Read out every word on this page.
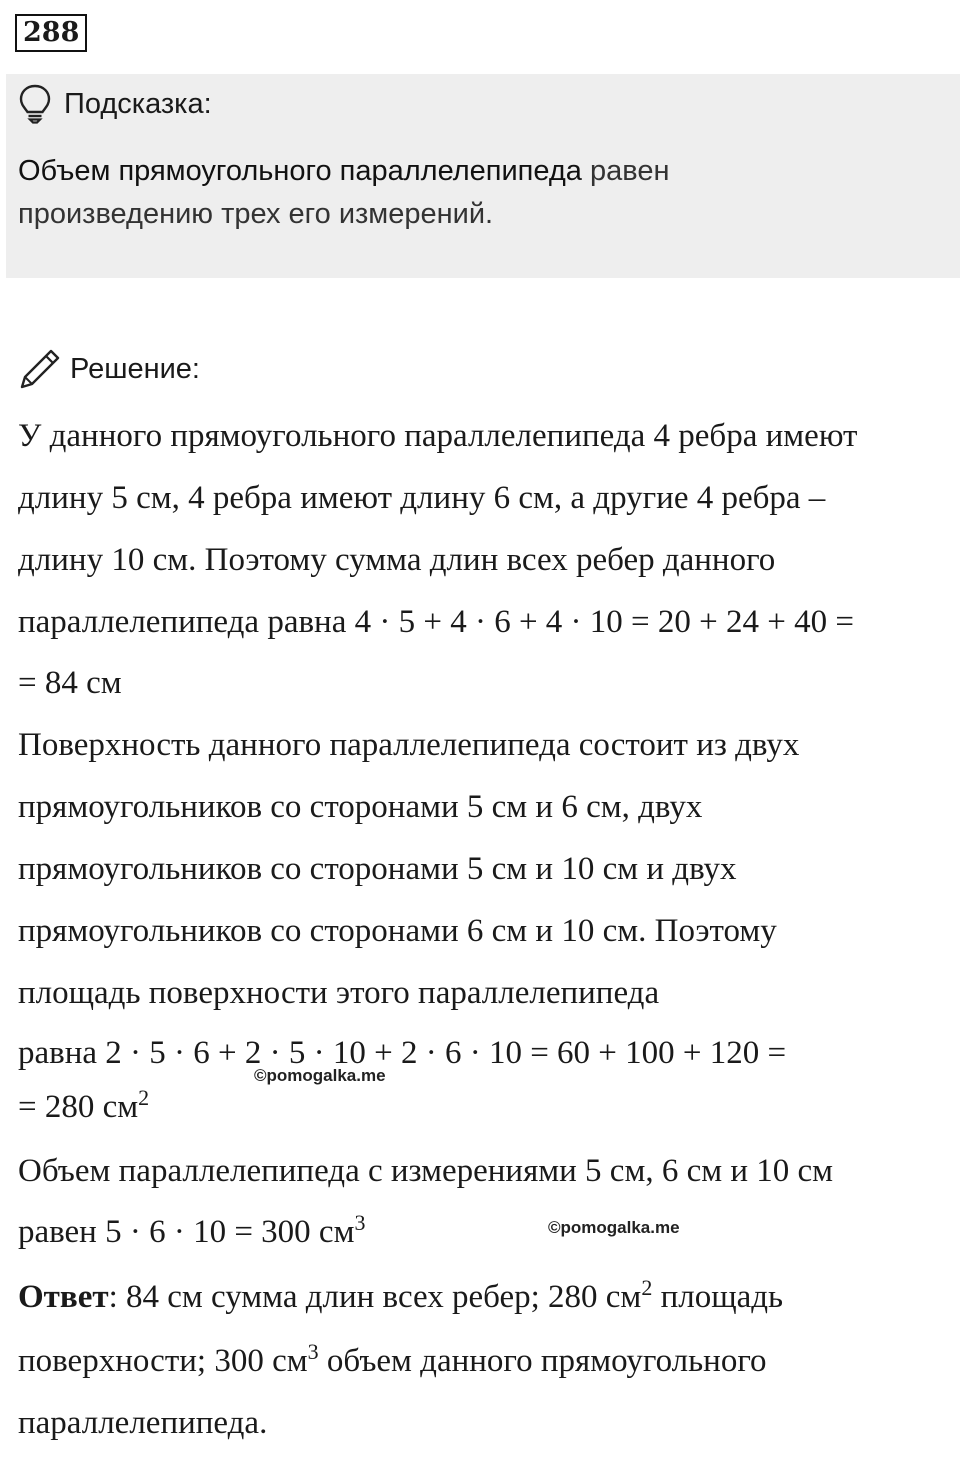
288
Подсказка:
Объем прямоугольного параллелепипеда равен
произведению трех его измерений.
Решение:
У данного прямоугольного параллелепипеда 4 ребра имеют
длину 5 см, 4 ребра имеют длину 6 см, а другие 4 ребра –
длину 10 см. Поэтому сумма длин всех ребер данного
параллелепипеда равна 4 · 5 + 4 · 6 + 4 · 10 = 20 + 24 + 40 =
= 84 см
Поверхность данного параллелепипеда состоит из двух
прямоугольников со сторонами 5 см и 6 см, двух
прямоугольников со сторонами 5 см и 10 см и двух
прямоугольников со сторонами 6 см и 10 см. Поэтому
площадь поверхности этого параллелепипеда
равна 2 · 5 · 6 + 2 · 5 · 10 + 2 · 6 · 10 = 60 + 100 + 120 =
©pomogalka.me
= 280 $см^2$
Объем параллелепипеда с измерениями 5 см, 6 см и 10 см
равен 5 · 6 · 10 = 300 $см^3$	©pomogalka.me
Ответ: 84 см сумма длин всех ребер; 280 $см^2$ площадь
поверхности; 300 $см^3$ объем данного прямоугольного
параллелепипеда.
